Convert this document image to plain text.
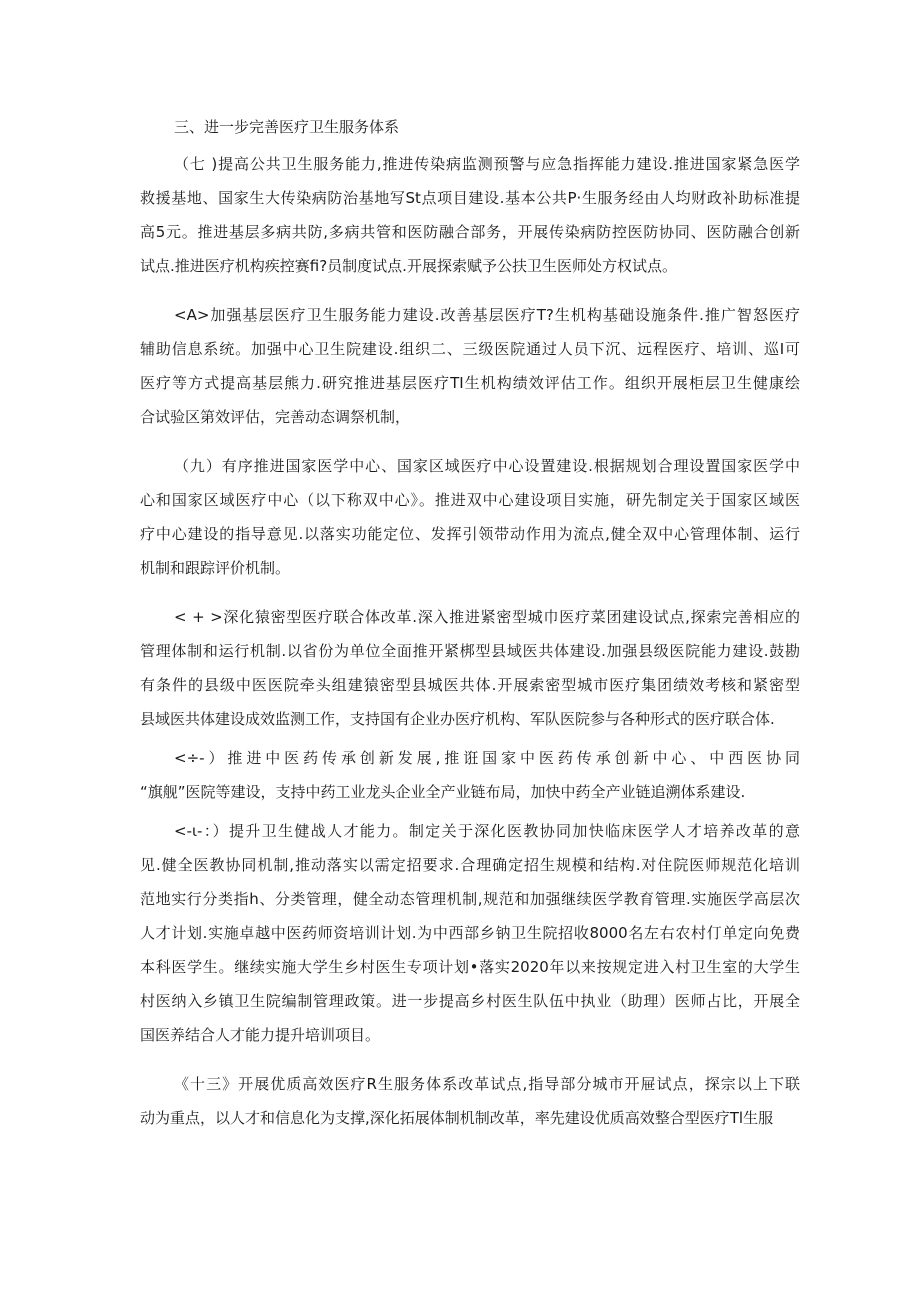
三、进一步完善医疗卫生服务体系
（七 )提高公共卫生服务能力,推进传染病监测预警与应急指挥能力建设.推进国家紧急医学
救援基地、国家生大传染病防治基地写St点项目建设.基本公共P·生服务经由人均财政补助标准提
高5元。推进基层多病共防,多病共管和医防融合部务，开展传染病防控医防协同、医防融合创新
试点.推进医疗机构疾控赛fi?员制度试点.开展探索赋予公扶卫生医师处方权试点。
<A>加强基层医疗卫生服务能力建设.改善基层医疗T?生机构基础设施条件.推广智怒医疗
辅助信息系统。加强中心卫生院建设.组织二、三级医院通过人员下沉、远程医疗、培训、巡I可
医疗等方式提高基层熊力.研究推进基层医疗TI生机构绩效评估工作。组织开展柜层卫生健康绘
合试验区第效评估，完善动态调祭机制，
（九）有序推进国家医学中心、国家区域医疗中心设置建设.根据规划合理设置国家医学中
心和国家区域医疗中心（以下称双中心》。推进双中心建设项目实施，研先制定关于国家区域医
疗中心建设的指导意见.以落实功能定位、发挥引领带动作用为流点,健全双中心管理体制、运行
机制和跟踪评价机制。
< + >深化猿密型医疗联合体改革.深入推进紧密型城巾医疗菜团建设试点,探索完善相应的
管理体制和运行机制.以省份为单位全面推开紧梆型县域医共体建设.加强县级医院能力建设.鼓勘
有条件的县级中医医院牵头组建猿密型县城医共体.开展索密型城市医疗集团绩效考核和紧密型
县域医共体建设成效监测工作，支持国有企业办医疗机构、军队医院参与各种形式的医疗联合体.
<÷-）推进中医药传承创新发展,推诳国家中医药传承创新中心、中西医协同
“旗舰”医院等建设，支持中药工业龙头企业全产业链布局，加快中药全产业链追溯体系建设.
<-ι-：）提升卫生健战人才能力。制定关于深化医教协同加快临床医学人才培养改革的意
见.健全医教协同机制,推动落实以需定招要求.合理确定招生规模和结构.对住院医师规范化培训
范地实行分类指h、分类管理，健全动态管理机制,规范和加强继续医学教育管理.实施医学高层次
人才计划.实施卓越中医药师资培训计划.为中西部乡钠卫生院招收8000名左右农村仃单定向免费
本科医学生。继续实施大学生乡村医生专项计划•落实2020年以来按规定进入村卫生室的大学生
村医纳入乡镇卫生院编制管理政策。进一步提高乡村医生队伍中执业（助理）医师占比，开展全
国医养结合人才能力提升培训项目。
《十三》开展优质高效医疗R生服务体系改革试点,指导部分城市开屉试点，探宗以上下联
动为重点，以人才和信息化为支撑,深化拓展体制机制改革，率先建设优质高效整合型医疗Tl生服
